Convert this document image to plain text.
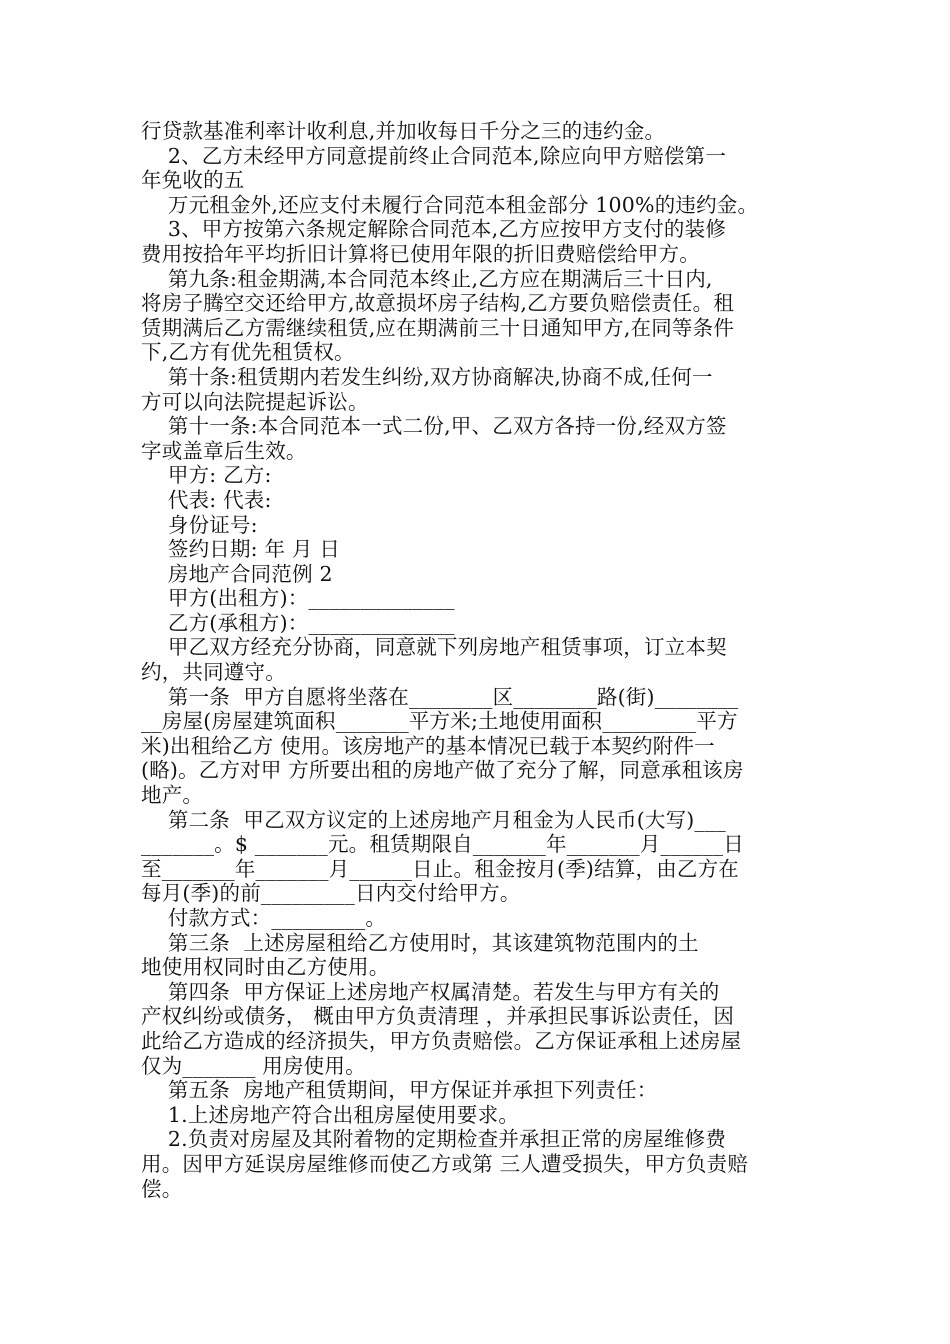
行贷款基准利率计收利息,并加收每日千分之三的违约金。
2、乙方未经甲方同意提前终止合同范本,除应向甲方赔偿第一
年免收的五
万元租金外,还应支付未履行合同范本租金部分 100%的违约金。
3、甲方按第六条规定解除合同范本,乙方应按甲方支付的装修
费用按拾年平均折旧计算将已使用年限的折旧费赔偿给甲方。
第九条:租金期满,本合同范本终止,乙方应在期满后三十日内,
将房子腾空交还给甲方,故意损坏房子结构,乙方要负赔偿责任。租
赁期满后乙方需继续租赁,应在期满前三十日通知甲方,在同等条件
下,乙方有优先租赁权。
第十条:租赁期内若发生纠纷,双方协商解决,协商不成,任何一
方可以向法院提起诉讼。
第十一条:本合同范本一式二份,甲、乙双方各持一份,经双方签
字或盖章后生效。
甲方: 乙方:
代表: 代表:
身份证号:
签约日期: 年 月 日
房地产合同范例 2
甲方(出租方)：______________
乙方(承租方)：______________
甲乙双方经充分协商，同意就下列房地产租赁事项，订立本契
约，共同遵守。
第一条  甲方自愿将坐落在________区________路(街)________
__房屋(房屋建筑面积_______平方米;土地使用面积_________平方
米)出租给乙方 使用。该房地产的基本情况已载于本契约附件一
(略)。乙方对甲 方所要出租的房地产做了充分了解，同意承租该房
地产。
第二条  甲乙双方议定的上述房地产月租金为人民币(大写)___
_______。$ _______元。租赁期限自_______年_______月______日
至_______年_______月______日止。租金按月(季)结算，由乙方在
每月(季)的前_________日内交付给甲方。
付款方式：_________。
第三条  上述房屋租给乙方使用时，其该建筑物范围内的土
地使用权同时由乙方使用。
第四条  甲方保证上述房地产权属清楚。若发生与甲方有关的
产权纠纷或债务， 概由甲方负责清理 ，并承担民事诉讼责任，因
此给乙方造成的经济损失，甲方负责赔偿。乙方保证承租上述房屋
仅为_______ 用房使用。
第五条  房地产租赁期间，甲方保证并承担下列责任：
1.上述房地产符合出租房屋使用要求。
2.负责对房屋及其附着物的定期检查并承担正常的房屋维修费
用。因甲方延误房屋维修而使乙方或第 三人遭受损失，甲方负责赔
偿。
